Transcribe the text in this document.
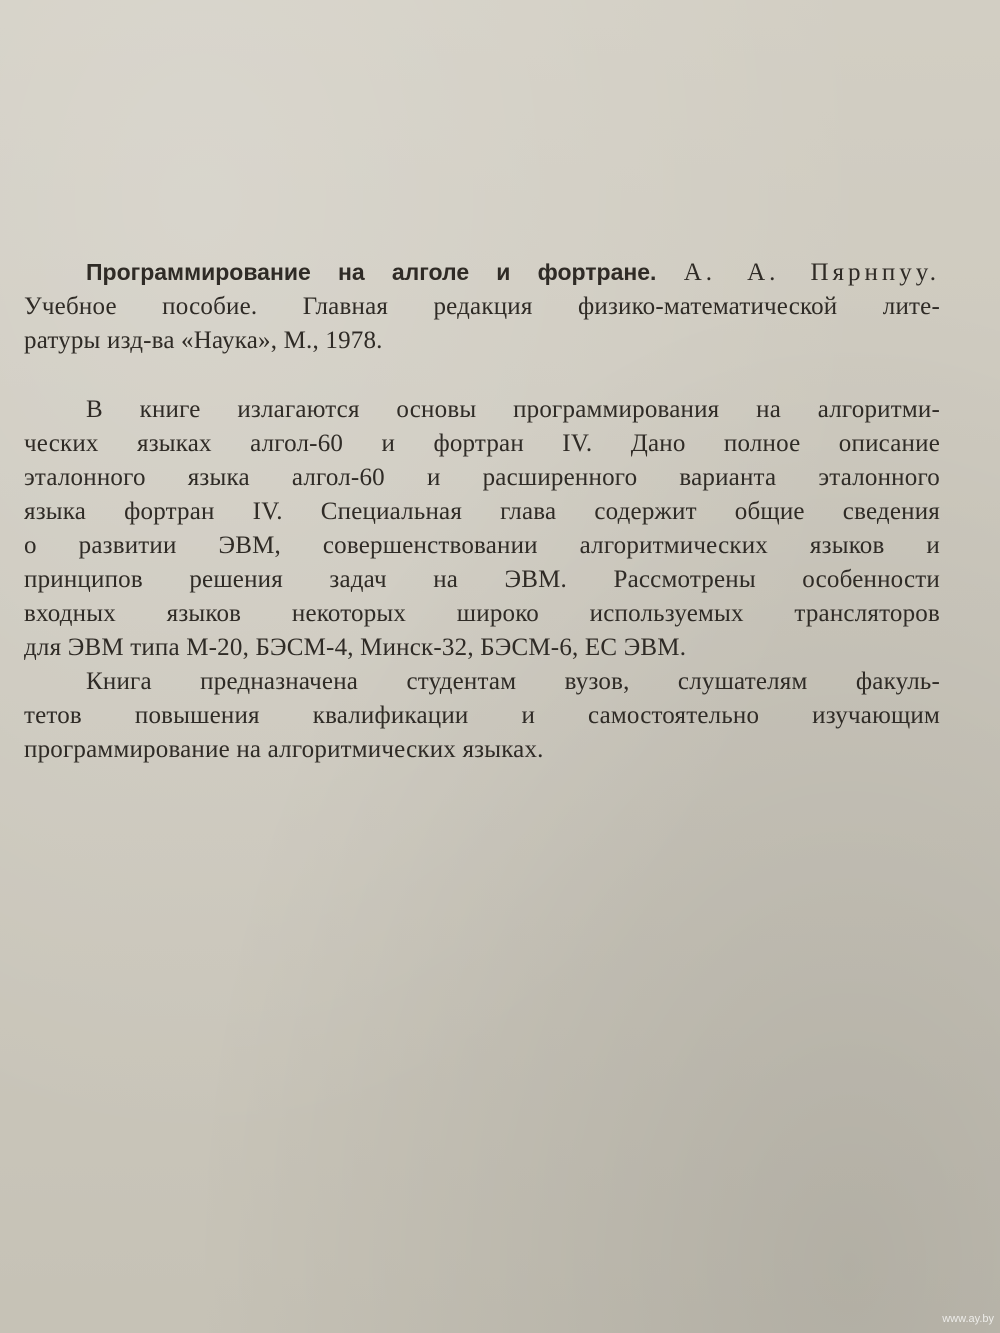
Программирование на алголе и фортране. А. А. Пярнпуу.
Учебное пособие. Главная редакция физико-математической лите-
ратуры изд-ва «Наука», М., 1978.
В книге излагаются основы программирования на алгоритми-
ческих языках алгол-60 и фортран IV. Дано полное описание
эталонного языка алгол-60 и расширенного варианта эталонного
языка фортран IV. Специальная глава содержит общие сведения
о развитии ЭВМ, совершенствовании алгоритмических языков и
принципов решения задач на ЭВМ. Рассмотрены особенности
входных языков некоторых широко используемых трансляторов
для ЭВМ типа М-20, БЭСМ-4, Минск-32, БЭСМ-6, ЕС ЭВМ.
Книга предназначена студентам вузов, слушателям факуль-
тетов повышения квалификации и самостоятельно изучающим
программирование на алгоритмических языках.
www.ay.by
